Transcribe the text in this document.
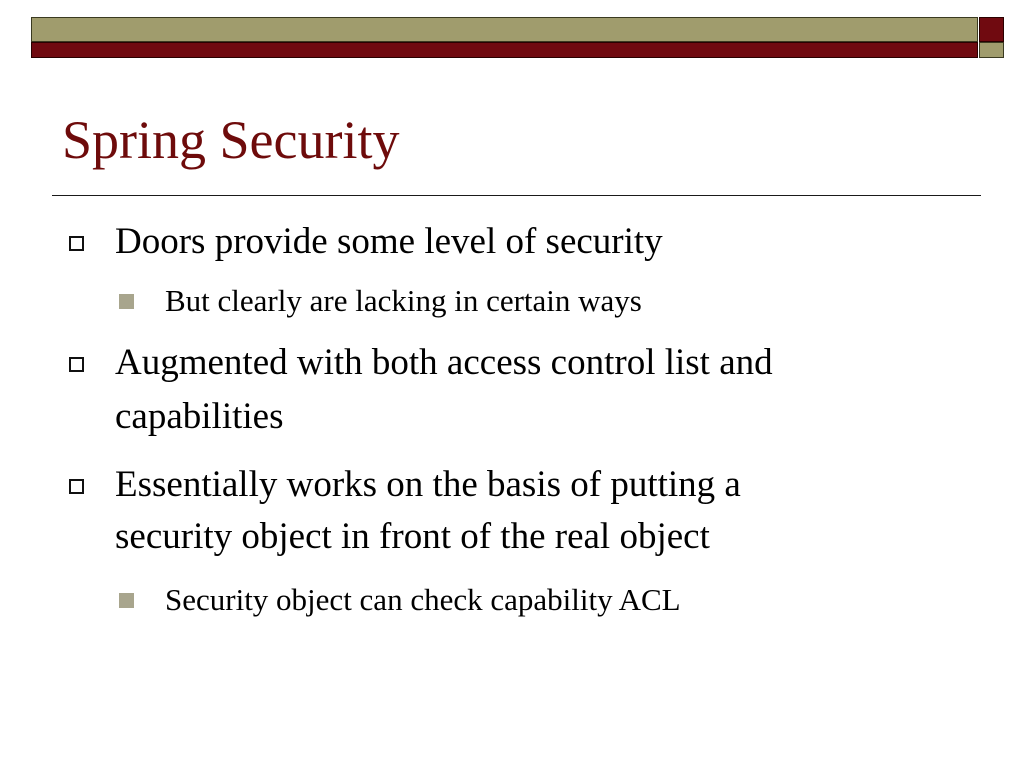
Spring Security
Doors provide some level of security
But clearly are lacking in certain ways
Augmented with both access control list and
capabilities
Essentially works on the basis of putting a
security object in front of the real object
Security object can check capability ACL
